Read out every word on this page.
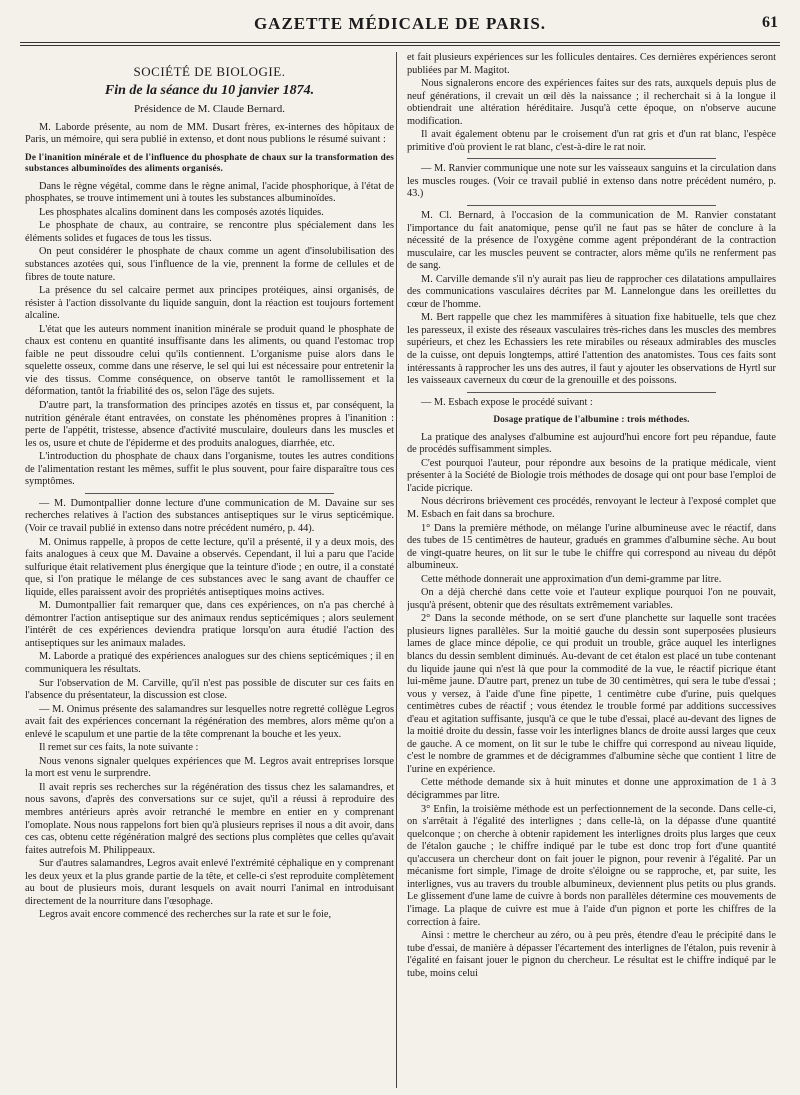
GAZETTE MÉDICALE DE PARIS.	61

SOCIÉTÉ DE BIOLOGIE.

Fin de la séance du 10 janvier 1874.

Présidence de M. Claude Bernard.

M. Laborde présente, au nom de MM. Dusart frères, ex-internes des hôpitaux de Paris, un mémoire, qui sera publié in extenso, et dont nous publions le résumé suivant :

De l'inanition minérale et de l'influence du phosphate de chaux sur la transformation des substances albuminoïdes des aliments organisés.

Dans le règne végétal, comme dans le règne animal, l'acide phosphorique, à l'état de phosphates, se trouve intimement uni à toutes les substances albuminoïdes.

Les phosphates alcalins dominent dans les composés azotés liquides.

Le phosphate de chaux, au contraire, se rencontre plus spécialement dans les éléments solides et fugaces de tous les tissus.

On peut considérer le phosphate de chaux comme un agent d'insolubilisation des substances azotées qui, sous l'influence de la vie, prennent la forme de cellules et de fibres de toute nature.

La présence du sel calcaire permet aux principes protéiques, ainsi organisés, de résister à l'action dissolvante du liquide sanguin, dont la réaction est toujours fortement alcaline.

L'état que les auteurs nomment inanition minérale se produit quand le phosphate de chaux est contenu en quantité insuffisante dans les aliments, ou quand l'estomac trop faible ne peut dissoudre celui qu'ils contiennent. L'organisme puise alors dans le squelette osseux, comme dans une réserve, le sel qui lui est nécessaire pour entretenir la vie des tissus. Comme conséquence, on observe tantôt le ramollissement et la déformation, tantôt la friabilité des os, selon l'âge des sujets.

D'autre part, la transformation des principes azotés en tissus et, par conséquent, la nutrition générale étant entravées, on constate les phénomènes propres à l'inanition : perte de l'appétit, tristesse, absence d'activité musculaire, douleurs dans les muscles et les os, usure et chute de l'épiderme et des produits analogues, diarrhée, etc.

L'introduction du phosphate de chaux dans l'organisme, toutes les autres conditions de l'alimentation restant les mêmes, suffit le plus souvent, pour faire disparaître tous ces symptômes.

— M. Dumontpallier donne lecture d'une communication de M. Davaine sur ses recherches relatives à l'action des substances antiseptiques sur le virus septicémique. (Voir ce travail publié in extenso dans notre précédent numéro, p. 44).

M. Onimus rappelle, à propos de cette lecture, qu'il a présenté, il y a deux mois, des faits analogues à ceux que M. Davaine a observés. Cependant, il lui a paru que l'acide sulfurique était relativement plus énergique que la teinture d'iode ; en outre, il a constaté que, si l'on pratique le mélange de ces substances avec le sang avant de chauffer ce liquide, elles paraissent avoir des propriétés antiseptiques moins actives.

M. Dumontpallier fait remarquer que, dans ces expériences, on n'a pas cherché à démontrer l'action antiseptique sur des animaux rendus septicémiques ; alors seulement l'intérêt de ces expériences deviendra pratique lorsqu'on aura étudié l'action des antiseptiques sur les animaux malades.

M. Laborde a pratiqué des expériences analogues sur des chiens septicémiques ; il en communiquera les résultats.

Sur l'observation de M. Carville, qu'il n'est pas possible de discuter sur ces faits en l'absence du présentateur, la discussion est close.

— M. Onimus présente des salamandres sur lesquelles notre regretté collègue Legros avait fait des expériences concernant la régénération des membres, alors même qu'on a enlevé le scapulum et une partie de la tête comprenant la bouche et les yeux.

Il remet sur ces faits, la note suivante :

Nous venons signaler quelques expériences que M. Legros avait entreprises lorsque la mort est venu le surprendre.

Il avait repris ses recherches sur la régénération des tissus chez les salamandres, et nous savons, d'après des conversations sur ce sujet, qu'il a réussi à reproduire des membres antérieurs après avoir retranché le membre en entier en y comprenant l'omoplate. Nous nous rappelons fort bien qu'à plusieurs reprises il nous a dit avoir, dans ces cas, obtenu cette régénération malgré des sections plus complètes que celles qu'avait faites autrefois M. Philippeaux.

Sur d'autres salamandres, Legros avait enlevé l'extrémité céphalique en y comprenant les deux yeux et la plus grande partie de la tête, et celle-ci s'est reproduite complètement au bout de plusieurs mois, durant lesquels on avait nourri l'animal en introduisant directement de la nourriture dans l'œsophage.

Legros avait encore commencé des recherches sur la rate et sur le foie,

et fait plusieurs expériences sur les follicules dentaires. Ces dernières expériences seront publiées par M. Magitot.

Nous signalerons encore des expériences faites sur des rats, auxquels depuis plus de neuf générations, il crevait un œil dès la naissance ; il recherchait si à la longue il obtiendrait une altération héréditaire. Jusqu'à cette époque, on n'observe aucune modification.

Il avait également obtenu par le croisement d'un rat gris et d'un rat blanc, l'espèce primitive d'où provient le rat blanc, c'est-à-dire le rat noir.

— M. Ranvier communique une note sur les vaisseaux sanguins et la circulation dans les muscles rouges. (Voir ce travail publié in extenso dans notre précédent numéro, p. 43.)

M. Cl. Bernard, à l'occasion de la communication de M. Ranvier constatant l'importance du fait anatomique, pense qu'il ne faut pas se hâter de conclure à la nécessité de la présence de l'oxygène comme agent prépondérant de la contraction musculaire, car les muscles peuvent se contracter, alors même qu'ils ne renferment pas de sang.

M. Carville demande s'il n'y aurait pas lieu de rapprocher ces dilatations ampullaires des communications vasculaires décrites par M. Lannelongue dans les oreillettes du cœur de l'homme.

M. Bert rappelle que chez les mammifères à situation fixe habituelle, tels que chez les paresseux, il existe des réseaux vasculaires très-riches dans les muscles des membres supérieurs, et chez les Echassiers les rete mirabiles ou réseaux admirables des muscles de la cuisse, ont depuis longtemps, attiré l'attention des anatomistes. Tous ces faits sont intéressants à rapprocher les uns des autres, il faut y ajouter les observations de Hyrtl sur les vaisseaux caverneux du cœur de la grenouille et des poissons.

— M. Esbach expose le procédé suivant :

Dosage pratique de l'albumine : trois méthodes.

La pratique des analyses d'albumine est aujourd'hui encore fort peu répandue, faute de procédés suffisamment simples.

C'est pourquoi l'auteur, pour répondre aux besoins de la pratique médicale, vient présenter à la Société de Biologie trois méthodes de dosage qui ont pour base l'emploi de l'acide picrique.

Nous décrirons brièvement ces procédés, renvoyant le lecteur à l'exposé complet que M. Esbach en fait dans sa brochure.

1° Dans la première méthode, on mélange l'urine albumineuse avec le réactif, dans des tubes de 15 centimètres de hauteur, gradués en grammes d'albumine sèche. Au bout de vingt-quatre heures, on lit sur le tube le chiffre qui correspond au niveau du dépôt albumineux.

Cette méthode donnerait une approximation d'un demi-gramme par litre.

On a déjà cherché dans cette voie et l'auteur explique pourquoi l'on ne pouvait, jusqu'à présent, obtenir que des résultats extrêmement variables.

2° Dans la seconde méthode, on se sert d'une planchette sur laquelle sont tracées plusieurs lignes parallèles. Sur la moitié gauche du dessin sont superposées plusieurs lames de glace mince dépolie, ce qui produit un trouble, grâce auquel les interlignes blancs du dessin semblent diminués. Au-devant de cet étalon est placé un tube contenant du liquide jaune qui n'est là que pour la commodité de la vue, le réactif picrique étant lui-même jaune. D'autre part, prenez un tube de 30 centimètres, qui sera le tube d'essai ; vous y versez, à l'aide d'une fine pipette, 1 centimètre cube d'urine, puis quelques centimètres cubes de réactif ; vous étendez le trouble formé par additions successives d'eau et agitation suffisante, jusqu'à ce que le tube d'essai, placé au-devant des lignes de la moitié droite du dessin, fasse voir les interlignes blancs de droite aussi larges que ceux de gauche. A ce moment, on lit sur le tube le chiffre qui correspond au niveau liquide, c'est le nombre de grammes et de décigrammes d'albumine sèche que contient 1 litre de l'urine en expérience.

Cette méthode demande six à huit minutes et donne une approximation de 1 à 3 décigrammes par litre.

3° Enfin, la troisième méthode est un perfectionnement de la seconde. Dans celle-ci, on s'arrêtait à l'égalité des interlignes ; dans celle-là, on la dépasse d'une quantité quelconque ; on cherche à obtenir rapidement les interlignes droits plus larges que ceux de l'étalon gauche ; le chiffre indiqué par le tube est donc trop fort d'une quantité qu'accusera un chercheur dont on fait jouer le pignon, pour revenir à l'égalité. Par un mécanisme fort simple, l'image de droite s'éloigne ou se rapproche, et, par suite, les interlignes, vus au travers du trouble albumineux, deviennent plus petits ou plus grands. Le glissement d'une lame de cuivre à bords non parallèles détermine ces mouvements de l'image. La plaque de cuivre est mue à l'aide d'un pignon et porte les chiffres de la correction à faire.

Ainsi : mettre le chercheur au zéro, ou à peu près, étendre d'eau le précipité dans le tube d'essai, de manière à dépasser l'écartement des interlignes de l'étalon, puis revenir à l'égalité en faisant jouer le pignon du chercheur. Le résultat est le chiffre indiqué par le tube, moins celui
